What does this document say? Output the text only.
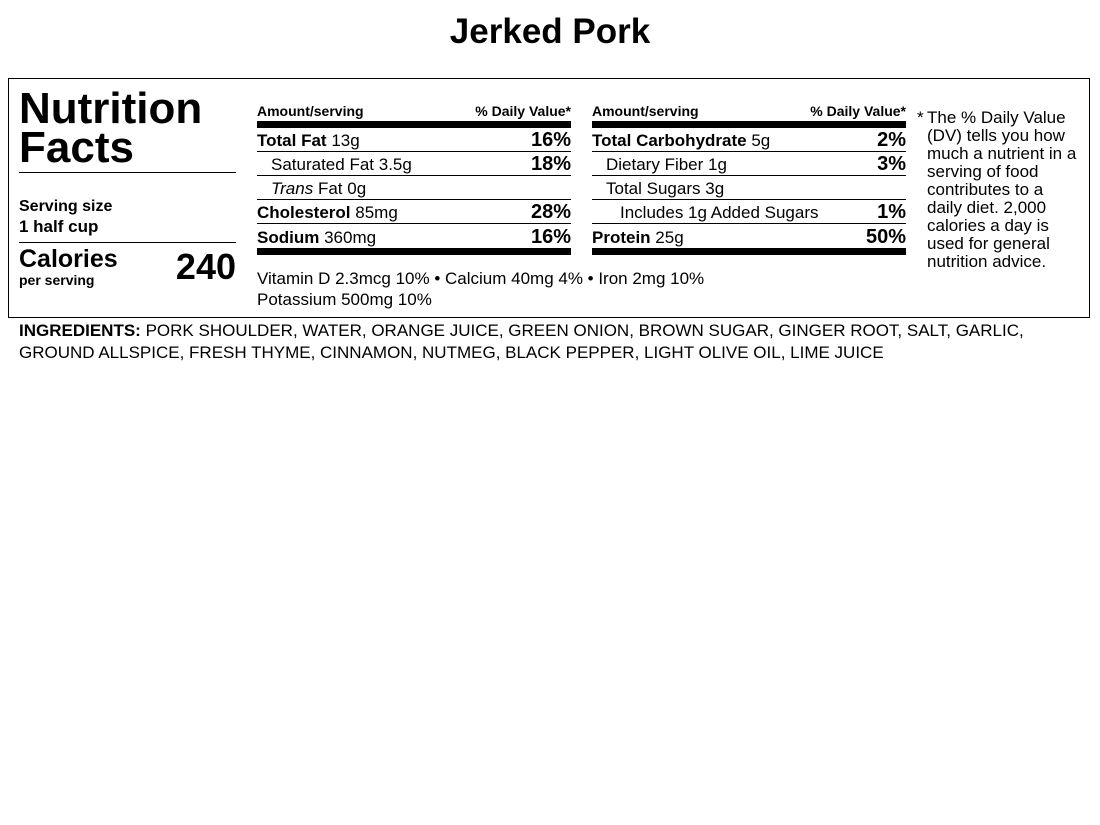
Jerked Pork
Nutrition
Facts
Serving size
1 half cup
Calories
per serving	240
Amount/serving	% Daily Value*
Total Fat 13g	16%
Saturated Fat 3.5g	18%
Trans Fat 0g
Cholesterol 85mg	28%
Sodium 360mg	16%
Amount/serving	% Daily Value*
Total Carbohydrate 5g	2%
Dietary Fiber 1g	3%
Total Sugars 3g
Includes 1g Added Sugars	1%
Protein 25g	50%
Vitamin D 2.3mcg 10% • Calcium 40mg 4% • Iron 2mg 10%
Potassium 500mg 10%
* The % Daily Value (DV) tells you how much a nutrient in a serving of food contributes to a daily diet. 2,000 calories a day is used for general nutrition advice.
INGREDIENTS: PORK SHOULDER, WATER, ORANGE JUICE, GREEN ONION, BROWN SUGAR, GINGER ROOT, SALT, GARLIC, GROUND ALLSPICE, FRESH THYME, CINNAMON, NUTMEG, BLACK PEPPER, LIGHT OLIVE OIL, LIME JUICE
